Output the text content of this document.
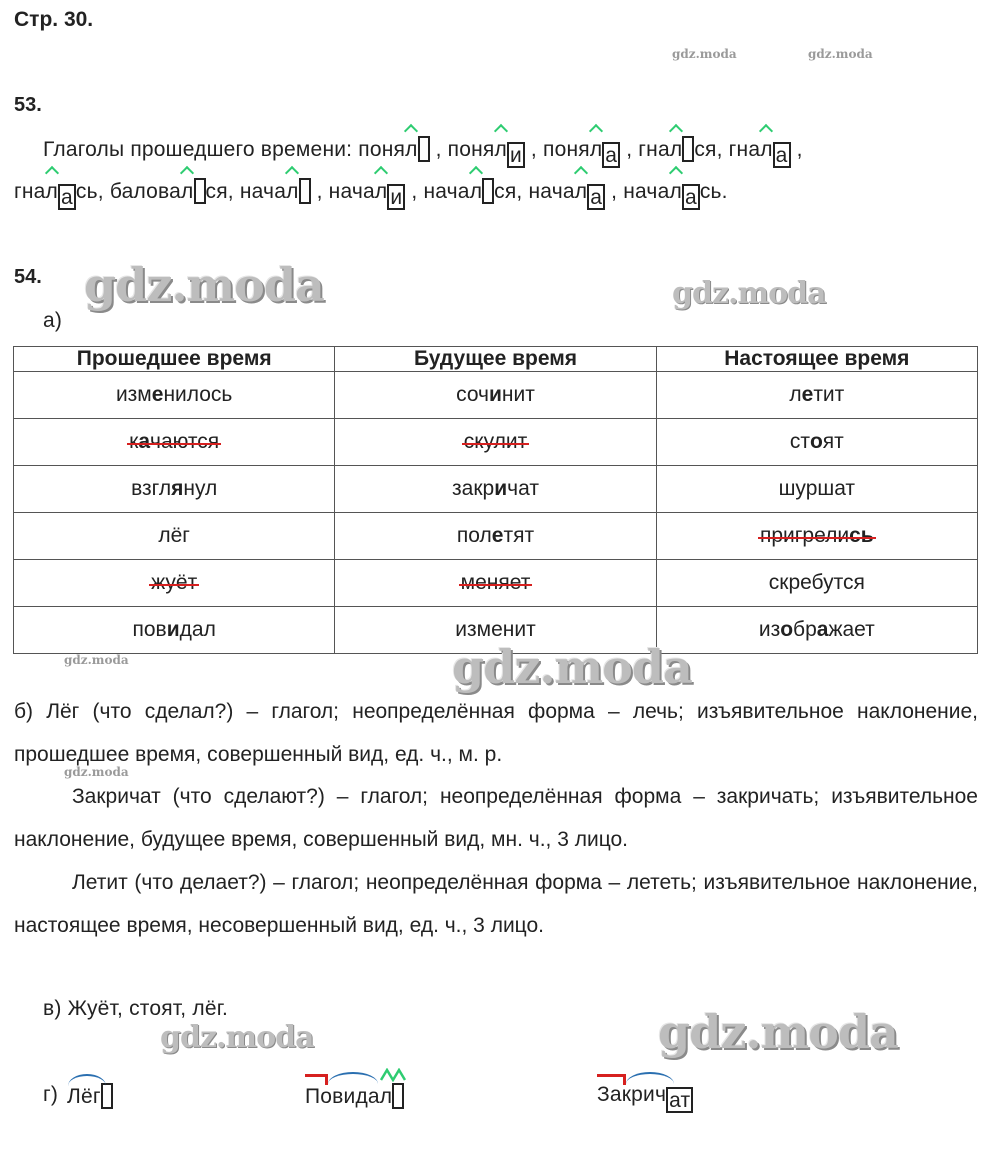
Стр. 30.
gdz.moda	gdz.moda
gdz.moda
gdz.moda
53.
Глаголы прошедшего времени: понял , понял и , понял а , гнал ся, гнал а ,
гнал а сь, баловал ся, начал , начал и , начал ся, начал а , начал а сь.
54. gdz.moda	gdz.moda
а)
Прошедшее время	Будущее время	Настоящее время
изменилось	сочинит	летит
качаются	скулит	стоят
взглянул	закричат	шуршат
лёг	полетят	пригрелись
жуёт	меняет	скребутся
повидал	изменит	изображает
gdz.moda
б) Лёг (что сделал?) – глагол; неопределённая форма – лечь; изъявительное наклонение, прошедшее время, совершенный вид, ед. ч., м. р.
Закричат (что сделают?) – глагол; неопределённая форма – закричать; изъявительное наклонение, будущее время, совершенный вид, мн. ч., 3 лицо.
Летит (что делает?) – глагол; неопределённая форма – лететь; изъявительное наклонение, настоящее время, несовершенный вид, ед. ч., 3 лицо.
в) Жуёт, стоят, лёг.
gdz.moda	gdz.moda
г) Лёг	Повидал	Закрич ат
